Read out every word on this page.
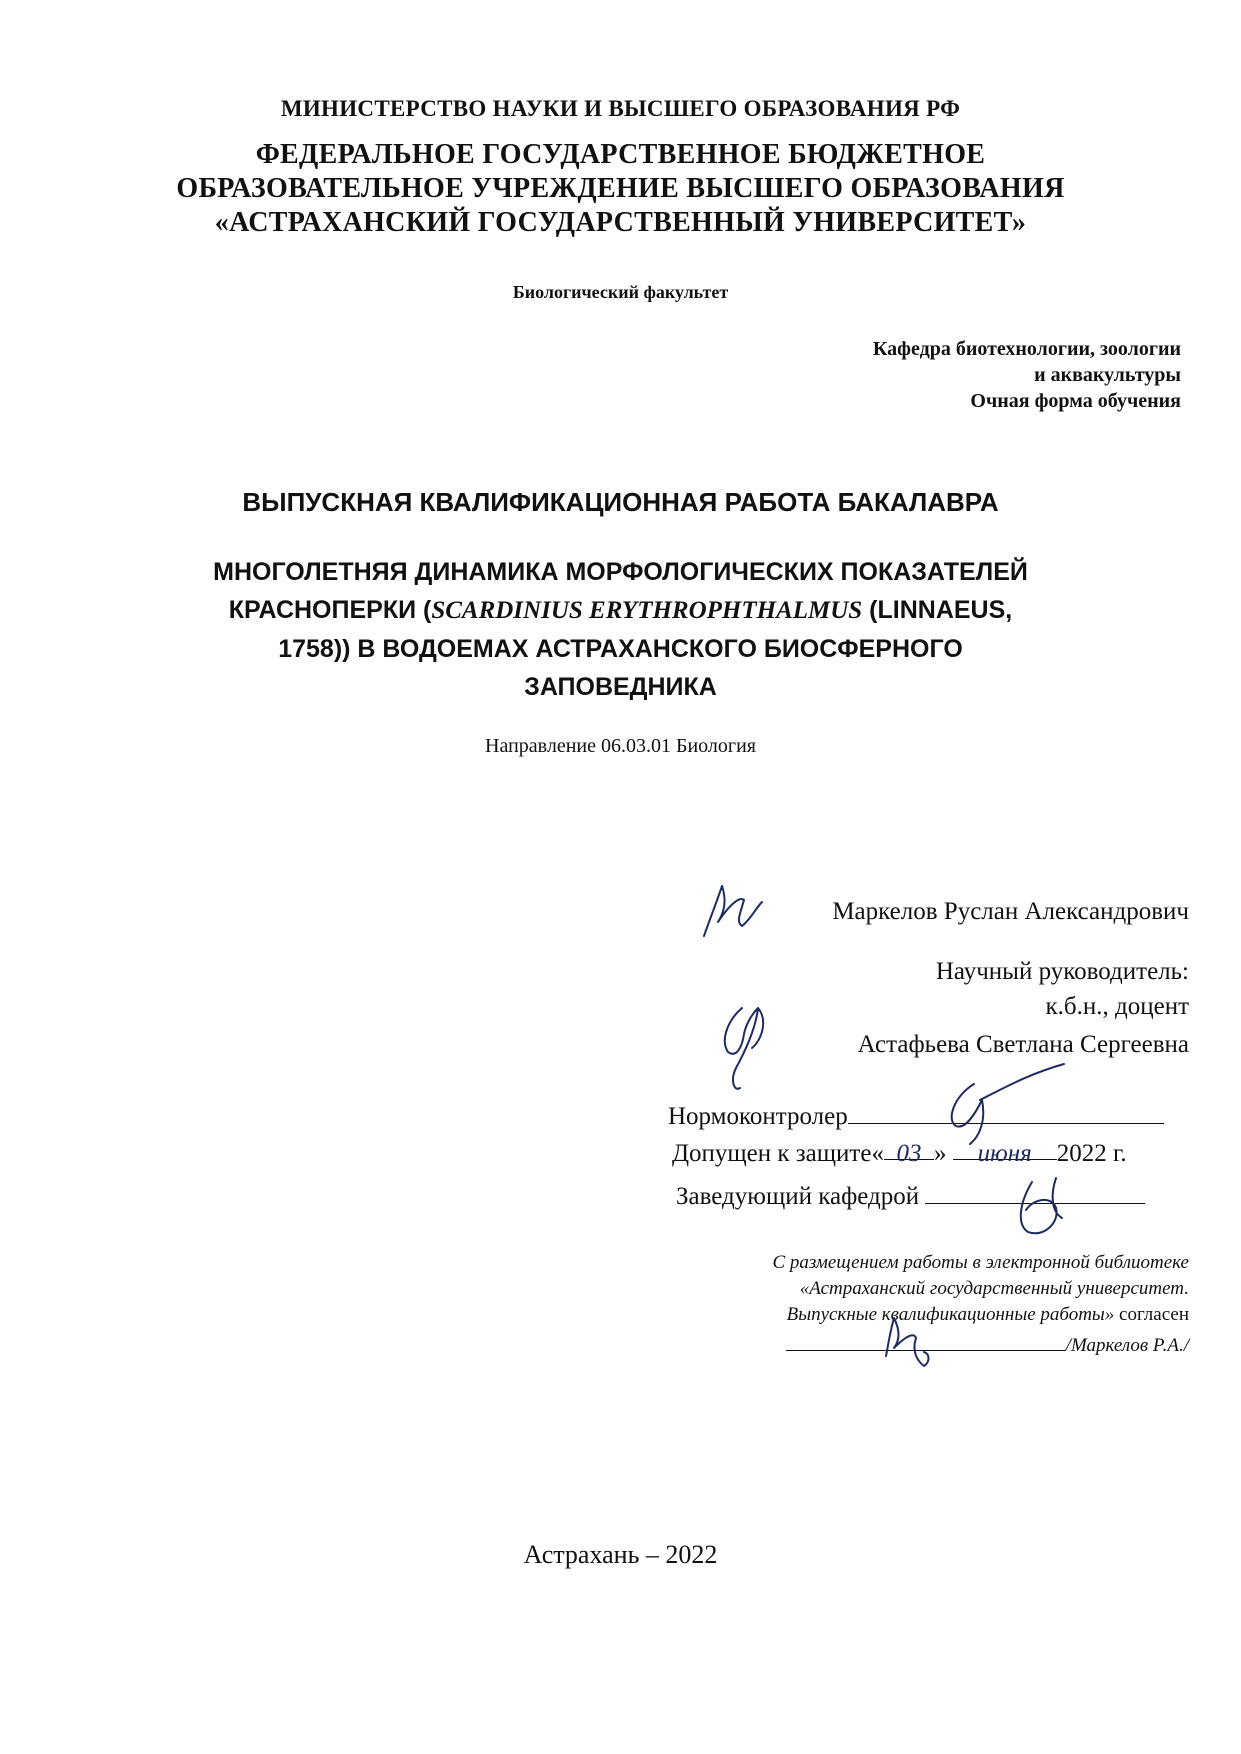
МИНИСТЕРСТВО НАУКИ И ВЫСШЕГО ОБРАЗОВАНИЯ РФ
ФЕДЕРАЛЬНОЕ ГОСУДАРСТВЕННОЕ БЮДЖЕТНОЕ
ОБРАЗОВАТЕЛЬНОЕ УЧРЕЖДЕНИЕ ВЫСШЕГО ОБРАЗОВАНИЯ
«АСТРАХАНСКИЙ ГОСУДАРСТВЕННЫЙ УНИВЕРСИТЕТ»
Биологический факультет
Кафедра биотехнологии, зоологии
и аквакультуры
Очная форма обучения
ВЫПУСКНАЯ КВАЛИФИКАЦИОННАЯ РАБОТА БАКАЛАВРА
МНОГОЛЕТНЯЯ ДИНАМИКА МОРФОЛОГИЧЕСКИХ ПОКАЗАТЕЛЕЙ
КРАСНОПЕРКИ (SCARDINIUS ERYTHROPHTHALMUS (LINNAEUS,
1758)) В ВОДОЕМАХ АСТРАХАНСКОГО БИОСФЕРНОГО
ЗАПОВЕДНИКА
Направление 06.03.01 Биология
Маркелов Руслан Александрович
Научный руководитель:
к.б.н., доцент
Астафьева Светлана Сергеевна
Нормоконтролер
Допущен к защите« 03 » июня 2022 г.
Заведующий кафедрой
С размещением работы в электронной библиотеке
«Астраханский государственный университет.
Выпускные квалификационные работы» согласен
/Маркелов Р.А./
Астрахань – 2022
